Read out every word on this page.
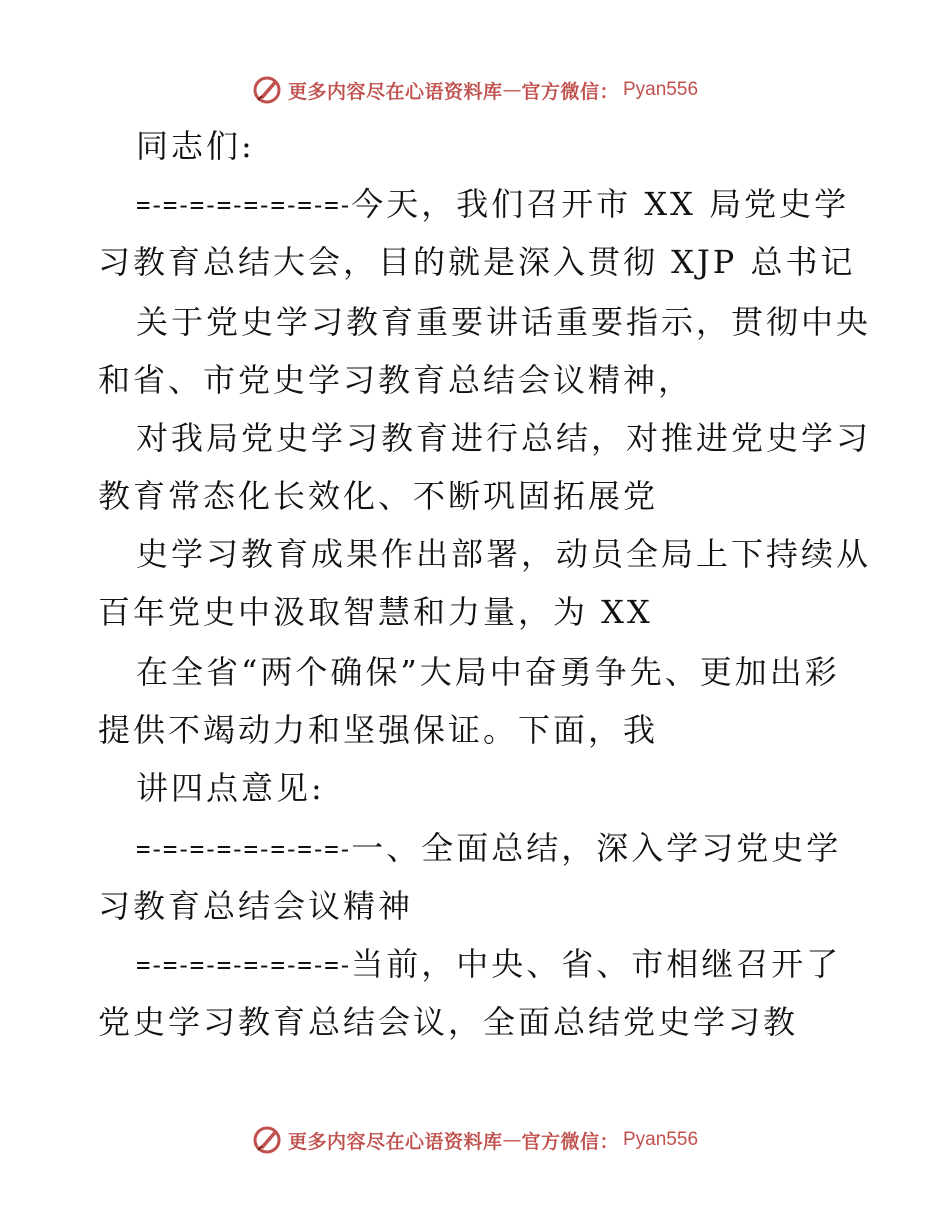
更多内容尽在心语资料库 — 官方微信： Pyan556
同志们:
=-=-=-=-=-=-=-=-今天，我们召开市 XX 局党史学
习教育总结大会，目的就是深入贯彻 XJP 总书记
关于党史学习教育重要讲话重要指示，贯彻中央
和省、市党史学习教育总结会议精神，
对我局党史学习教育进行总结，对推进党史学习
教育常态化长效化、不断巩固拓展党
史学习教育成果作出部署，动员全局上下持续从
百年党史中汲取智慧和力量，为 XX
在全省“两个确保”大局中奋勇争先、更加出彩
提供不竭动力和坚强保证。下面，我
讲四点意见:
=-=-=-=-=-=-=-=-一、全面总结，深入学习党史学
习教育总结会议精神
=-=-=-=-=-=-=-=-当前，中央、省、市相继召开了
党史学习教育总结会议，全面总结党史学习教
更多内容尽在心语资料库 — 官方微信： Pyan556
